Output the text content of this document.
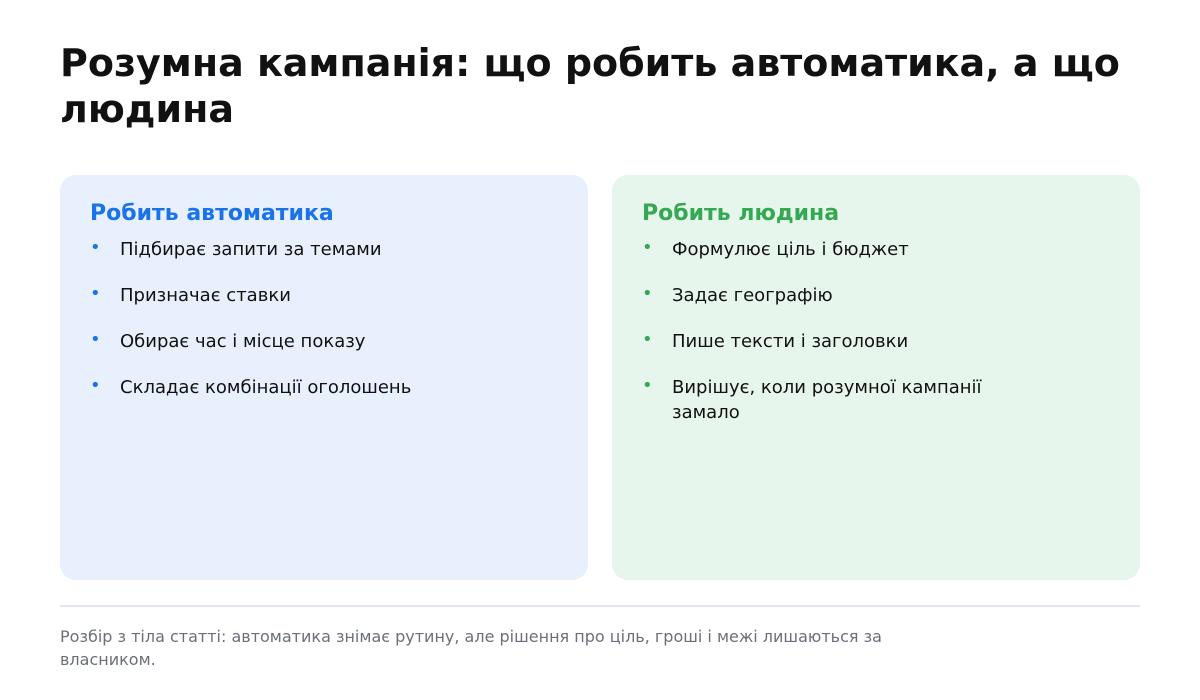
Розумна кампанія: що робить автоматика, а що людина
Робить автоматика
• Підбирає запити за темами
• Призначає ставки
• Обирає час і місце показу
• Складає комбінації оголошень
Робить людина
• Формулює ціль і бюджет
• Задає географію
• Пише тексти і заголовки
• Вирішує, коли розумної кампанії замало

Розбір з тіла статті: автоматика знімає рутину, але рішення про ціль, гроші і межі лишаються за власником.
